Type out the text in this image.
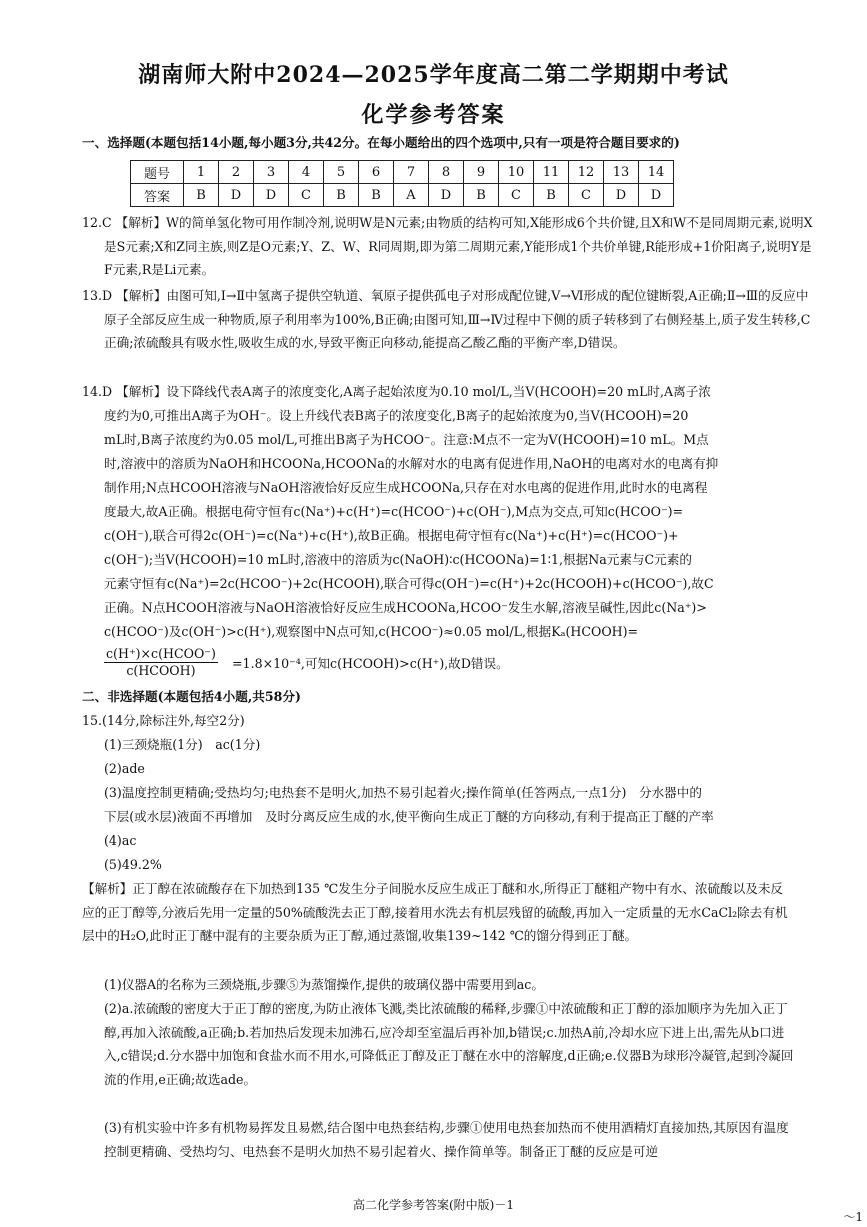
湖南师大附中2024—2025学年度高二第二学期期中考试
化学参考答案
一、选择题(本题包括14小题,每小题3分,共42分。在每小题给出的四个选项中,只有一项是符合题目要求的)
题号	1	2	3	4	5	6	7	8	9	10	11	12	13	14
答案	B	D	D	C	B	B	A	D	B	C	B	C	D	D

12.C 【解析】W的简单氢化物可用作制冷剂,说明W是N元素;由物质的结构可知,X能形成6个共价键,且X和W不是同周期元素,说明X是S元素;X和Z同主族,则Z是O元素;Y、Z、W、R同周期,即为第二周期元素,Y能形成1个共价单键,R能形成+1价阳离子,说明Y是F元素,R是Li元素。

13.D 【解析】由图可知,Ⅰ→Ⅱ中氢离子提供空轨道、氧原子提供孤电子对形成配位键,Ⅴ→Ⅵ形成的配位键断裂,A正确;Ⅱ→Ⅲ的反应中原子全部反应生成一种物质,原子利用率为100%,B正确;由图可知,Ⅲ→Ⅳ过程中下侧的质子转移到了右侧羟基上,质子发生转移,C正确;浓硫酸具有吸水性,吸收生成的水,导致平衡正向移动,能提高乙酸乙酯的平衡产率,D错误。

14.D 【解析】设下降线代表A离子的浓度变化,A离子起始浓度为0.10 mol/L,当V(HCOOH)=20 mL时,A离子浓
度约为0,可推出A离子为OH⁻。设上升线代表B离子的浓度变化,B离子的起始浓度为0,当V(HCOOH)=20
mL时,B离子浓度约为0.05 mol/L,可推出B离子为HCOO⁻。注意:M点不一定为V(HCOOH)=10 mL。M点
时,溶液中的溶质为NaOH和HCOONa,HCOONa的水解对水的电离有促进作用,NaOH的电离对水的电离有抑
制作用;N点HCOOH溶液与NaOH溶液恰好反应生成HCOONa,只存在对水电离的促进作用,此时水的电离程
度最大,故A正确。根据电荷守恒有c(Na⁺)+c(H⁺)=c(HCOO⁻)+c(OH⁻),M点为交点,可知c(HCOO⁻)=
c(OH⁻),联合可得2c(OH⁻)=c(Na⁺)+c(H⁺),故B正确。根据电荷守恒有c(Na⁺)+c(H⁺)=c(HCOO⁻)+
c(OH⁻);当V(HCOOH)=10 mL时,溶液中的溶质为c(NaOH)∶c(HCOONa)=1∶1,根据Na元素与C元素的
元素守恒有c(Na⁺)=2c(HCOO⁻)+2c(HCOOH),联合可得c(OH⁻)=c(H⁺)+2c(HCOOH)+c(HCOO⁻),故C
正确。N点HCOOH溶液与NaOH溶液恰好反应生成HCOONa,HCOO⁻发生水解,溶液呈碱性,因此c(Na⁺)>
c(HCOO⁻)及c(OH⁻)>c(H⁺),观察图中N点可知,c(HCOO⁻)≈0.05 mol/L,根据Kₐ(HCOOH)=
c(H⁺)×c(HCOO⁻)
c(HCOOH)	=1.8×10⁻⁴,可知c(HCOOH)>c(H⁺),故D错误。
二、非选择题(本题包括4小题,共58分)
15.(14分,除标注外,每空2分)
(1)三颈烧瓶(1分)　ac(1分)
(2)ade
(3)温度控制更精确;受热均匀;电热套不是明火,加热不易引起着火;操作简单(任答两点,一点1分)　分水器中的
下层(或水层)液面不再增加　及时分离反应生成的水,使平衡向生成正丁醚的方向移动,有利于提高正丁醚的产率
(4)ac
(5)49.2%

【解析】正丁醇在浓硫酸存在下加热到135 ℃发生分子间脱水反应生成正丁醚和水,所得正丁醚粗产物中有水、浓硫酸以及未反应的正丁醇等,分液后先用一定量的50%硫酸洗去正丁醇,接着用水洗去有机层残留的硫酸,再加入一定质量的无水CaCl₂除去有机层中的H₂O,此时正丁醚中混有的主要杂质为正丁醇,通过蒸馏,收集139~142 ℃的馏分得到正丁醚。

(1)仪器A的名称为三颈烧瓶,步骤⑤为蒸馏操作,提供的玻璃仪器中需要用到ac。

(2)a.浓硫酸的密度大于正丁醇的密度,为防止液体飞溅,类比浓硫酸的稀释,步骤①中浓硫酸和正丁醇的添加顺序为先加入正丁醇,再加入浓硫酸,a正确;b.若加热后发现未加沸石,应冷却至室温后再补加,b错误;c.加热A前,冷却水应下进上出,需先从b口进入,c错误;d.分水器中加饱和食盐水而不用水,可降低正丁醇及正丁醚在水中的溶解度,d正确;e.仪器B为球形冷凝管,起到冷凝回流的作用,e正确;故选ade。

(3)有机实验中许多有机物易挥发且易燃,结合图中电热套结构,步骤①使用电热套加热而不使用酒精灯直接加热,其原因有温度控制更精确、受热均匀、电热套不是明火加热不易引起着火、操作简单等。制备正丁醚的反应是可逆

高二化学参考答案(附中版)－1
～1
